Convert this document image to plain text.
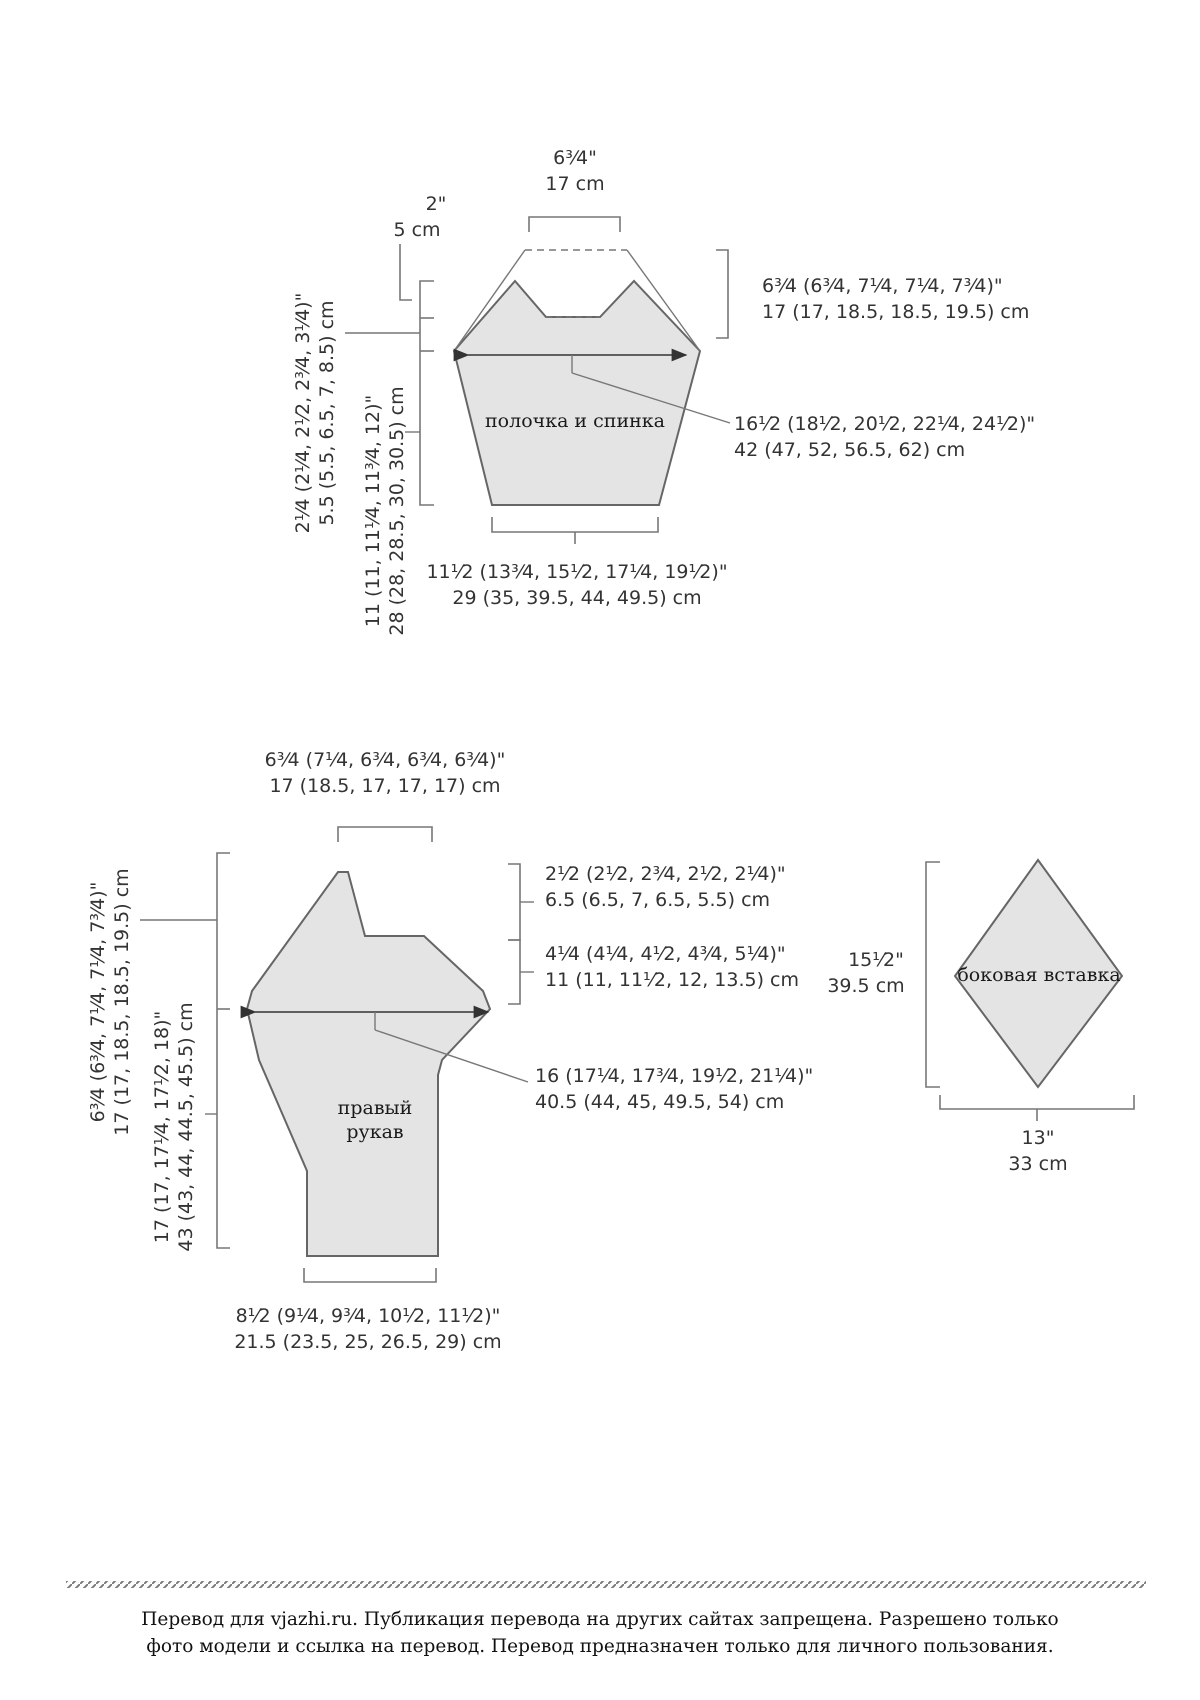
полочка и спинка
6³⁄4"
17 cm
2"
5 cm
6³⁄4 (6³⁄4, 7¹⁄4, 7¹⁄4, 7³⁄4)"
17 (17, 18.5, 18.5, 19.5) cm
16¹⁄2 (18¹⁄2, 20¹⁄2, 22¹⁄4, 24¹⁄2)"
42 (47, 52, 56.5, 62) cm
11¹⁄2 (13³⁄4, 15¹⁄2, 17¹⁄4, 19¹⁄2)"
29 (35, 39.5, 44, 49.5) cm
2¹⁄4 (2¹⁄4, 2¹⁄2, 2³⁄4, 3¹⁄4)" 5.5 (5.5, 6.5, 7, 8.5) cm 11 (11, 11¹⁄4, 11³⁄4, 12)" 28 (28, 28.5, 30, 30.5) cm
правый
рукав
6³⁄4 (7¹⁄4, 6³⁄4, 6³⁄4, 6³⁄4)"
17 (18.5, 17, 17, 17) cm
2¹⁄2 (2¹⁄2, 2³⁄4, 2¹⁄2, 2¹⁄4)"
6.5 (6.5, 7, 6.5, 5.5) cm
4¹⁄4 (4¹⁄4, 4¹⁄2, 4³⁄4, 5¹⁄4)"
11 (11, 11¹⁄2, 12, 13.5) cm
16 (17¹⁄4, 17³⁄4, 19¹⁄2, 21¹⁄4)"
40.5 (44, 45, 49.5, 54) cm
8¹⁄2 (9¹⁄4, 9³⁄4, 10¹⁄2, 11¹⁄2)"
21.5 (23.5, 25, 26.5, 29) cm
6³⁄4 (6³⁄4, 7¹⁄4, 7¹⁄4, 7³⁄4)" 17 (17, 18.5, 18.5, 19.5) cm 17 (17, 17¹⁄4, 17¹⁄2, 18)" 43 (43, 44, 44.5, 45.5) cm
боковая вставка
15¹⁄2"
39.5 cm
13"
33 cm
Перевод для vjazhi.ru. Публикация перевода на других сайтах запрещена. Разрешено только
фото модели и ссылка на перевод. Перевод предназначен только для личного пользования.
